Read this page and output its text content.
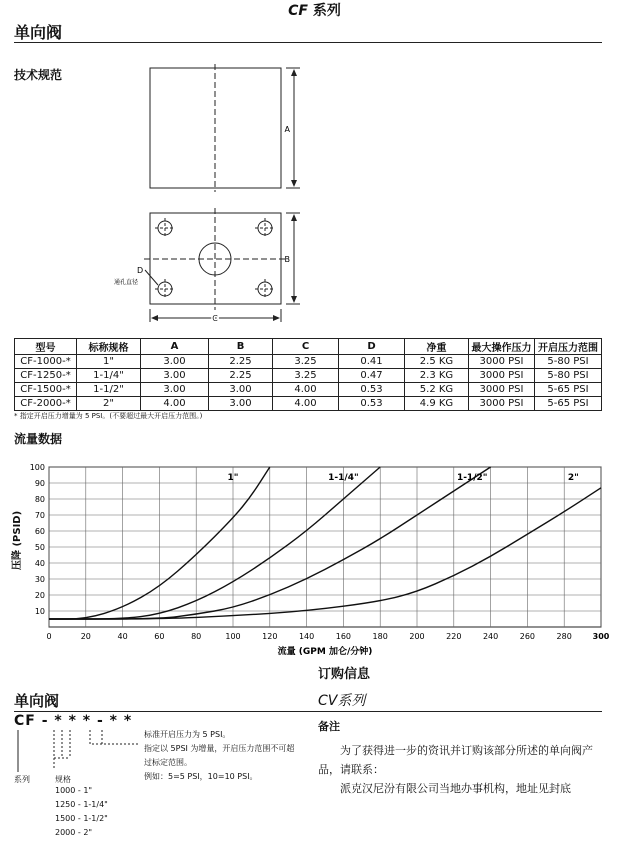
CF 系列
单向阀
技术规范
A
B
C
D
通孔直径
型号	标称规格	A	B	C	D	净重	最大操作压力	开启压力范围
CF-1000-*	1"	3.00	2.25	3.25	0.41	2.5 KG	3000 PSI	5-80 PSI
CF-1250-*	1-1/4"	3.00	2.25	3.25	0.47	2.3 KG	3000 PSI	5-80 PSI
CF-1500-*	1-1/2"	3.00	3.00	4.00	0.53	5.2 KG	3000 PSI	5-65 PSI
CF-2000-*	2"	4.00	3.00	4.00	0.53	4.9 KG	3000 PSI	5-65 PSI
* 指定开启压力增量为 5 PSI。(不要超过最大开启压力范围。)
流量数据
1"	1-1/4"	1-1/2"	2"
0	20	40	60	80	100	120	140	160	180	200	220	240	260	280	300
10
20
30
40
50
60
70
80
90
100
流量 (GPM 加仑/分钟)
压降 (PSID)
订购信息
单向阀	CV系列
CF - * * * - * *
标准开启压力为 5 PSI。
指定以 5PSI 为增量，开启压力范围不可超
过标定范围。
例如：5=5 PSI，10=10 PSI。
系列	规格
1000 - 1"
1250 - 1-1/4"
1500 - 1-1/2"
2000 - 2"
备注
为了获得进一步的资讯并订购该部分所述的单向阀产
品，请联系：
派克汉尼汾有限公司当地办事机构，地址见封底
